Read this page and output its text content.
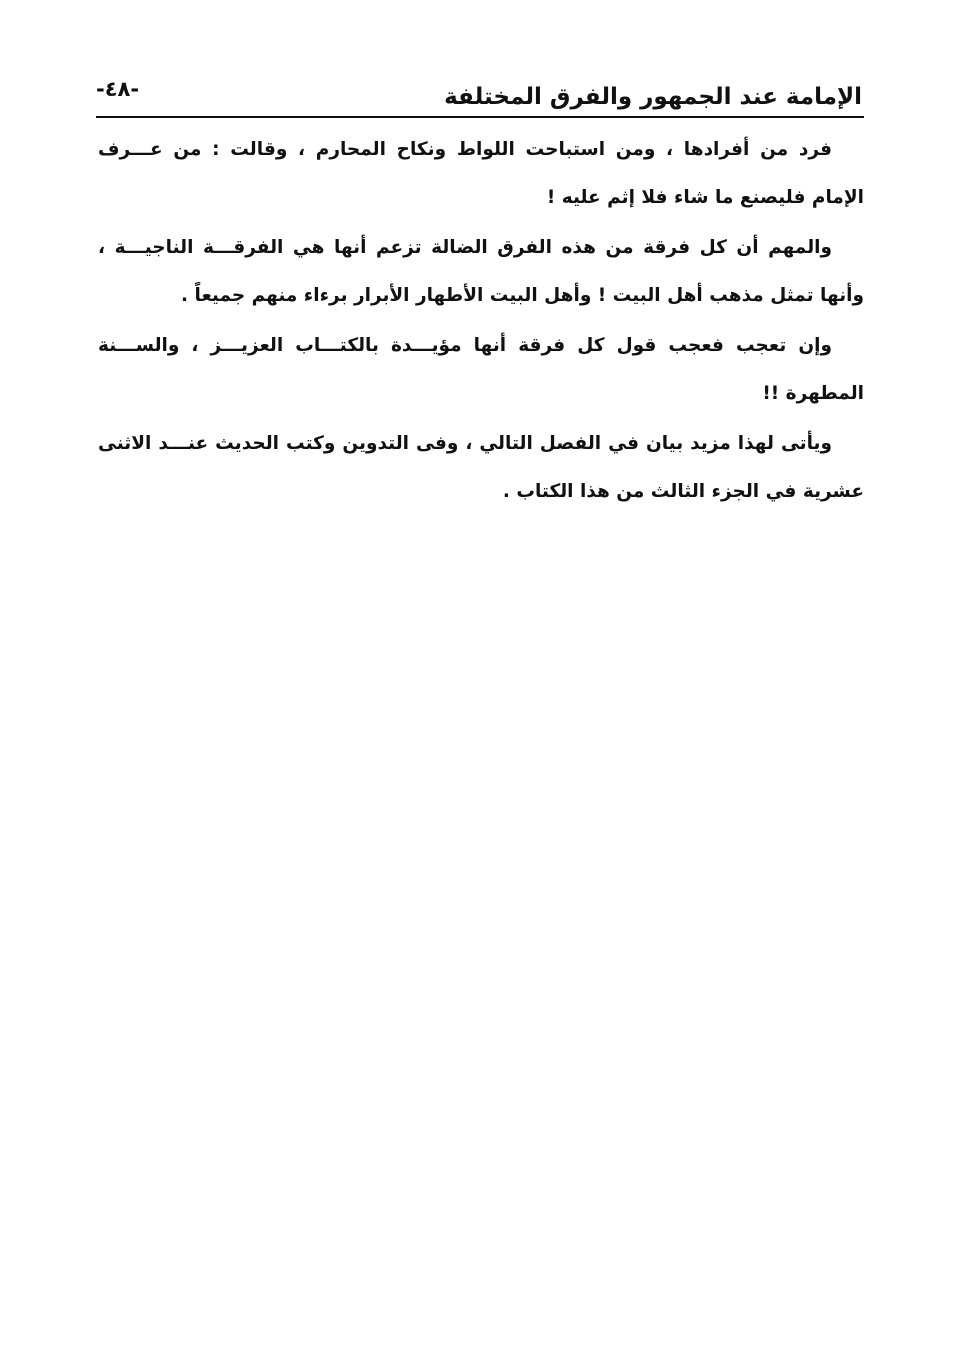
الإمامة عند الجمهور والفرق المختلفة
-٤٨-

فرد من أفرادها ، ومن استباحت اللواط ونكاح المحارم ، وقالت : من عـــرف الإمام فليصنع ما شاء فلا إثم عليه !

والمهم أن كل فرقة من هذه الفرق الضالة تزعم أنها هي الفرقـــة الناجيـــة ، وأنها تمثل مذهب أهل البيت ! وأهل البيت الأطهار الأبرار برءاء منهم جميعاً .

وإن تعجب فعجب قول كل فرقة أنها مؤيـــدة بالكتـــاب العزيـــز ، والســـنة المطهرة !!

ويأتى لهذا مزيد بيان في الفصل التالي ، وفى التدوين وكتب الحديث عنـــد الاثنى عشرية في الجزء الثالث من هذا الكتاب .
